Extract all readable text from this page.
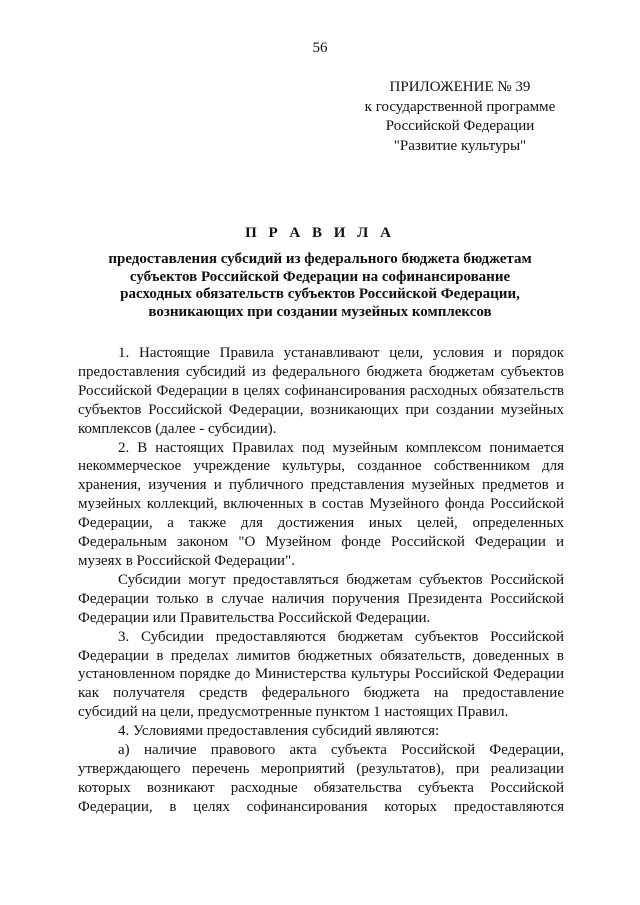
56
ПРИЛОЖЕНИЕ № 39
к государственной программе
Российской Федерации
"Развитие культуры"
П Р А В И Л А
предоставления субсидий из федерального бюджета бюджетам
субъектов Российской Федерации на софинансирование
расходных обязательств субъектов Российской Федерации,
возникающих при создании музейных комплексов

1. Настоящие Правила устанавливают цели, условия и порядок предоставления субсидий из федерального бюджета бюджетам субъектов Российской Федерации в целях софинансирования расходных обязательств субъектов Российской Федерации, возникающих при создании музейных комплексов (далее - субсидии).

2. В настоящих Правилах под музейным комплексом понимается некоммерческое учреждение культуры, созданное собственником для хранения, изучения и публичного представления музейных предметов и музейных коллекций, включенных в состав Музейного фонда Российской Федерации, а также для достижения иных целей, определенных Федеральным законом "О Музейном фонде Российской Федерации и музеях в Российской Федерации".

Субсидии могут предоставляться бюджетам субъектов Российской Федерации только в случае наличия поручения Президента Российской Федерации или Правительства Российской Федерации.

3. Субсидии предоставляются бюджетам субъектов Российской Федерации в пределах лимитов бюджетных обязательств, доведенных в установленном порядке до Министерства культуры Российской Федерации как получателя средств федерального бюджета на предоставление субсидий на цели, предусмотренные пунктом 1 настоящих Правил.

4. Условиями предоставления субсидий являются:

а) наличие правового акта субъекта Российской Федерации, утверждающего перечень мероприятий (результатов), при реализации которых возникают расходные обязательства субъекта Российской Федерации, в целях софинансирования которых предоставляются
